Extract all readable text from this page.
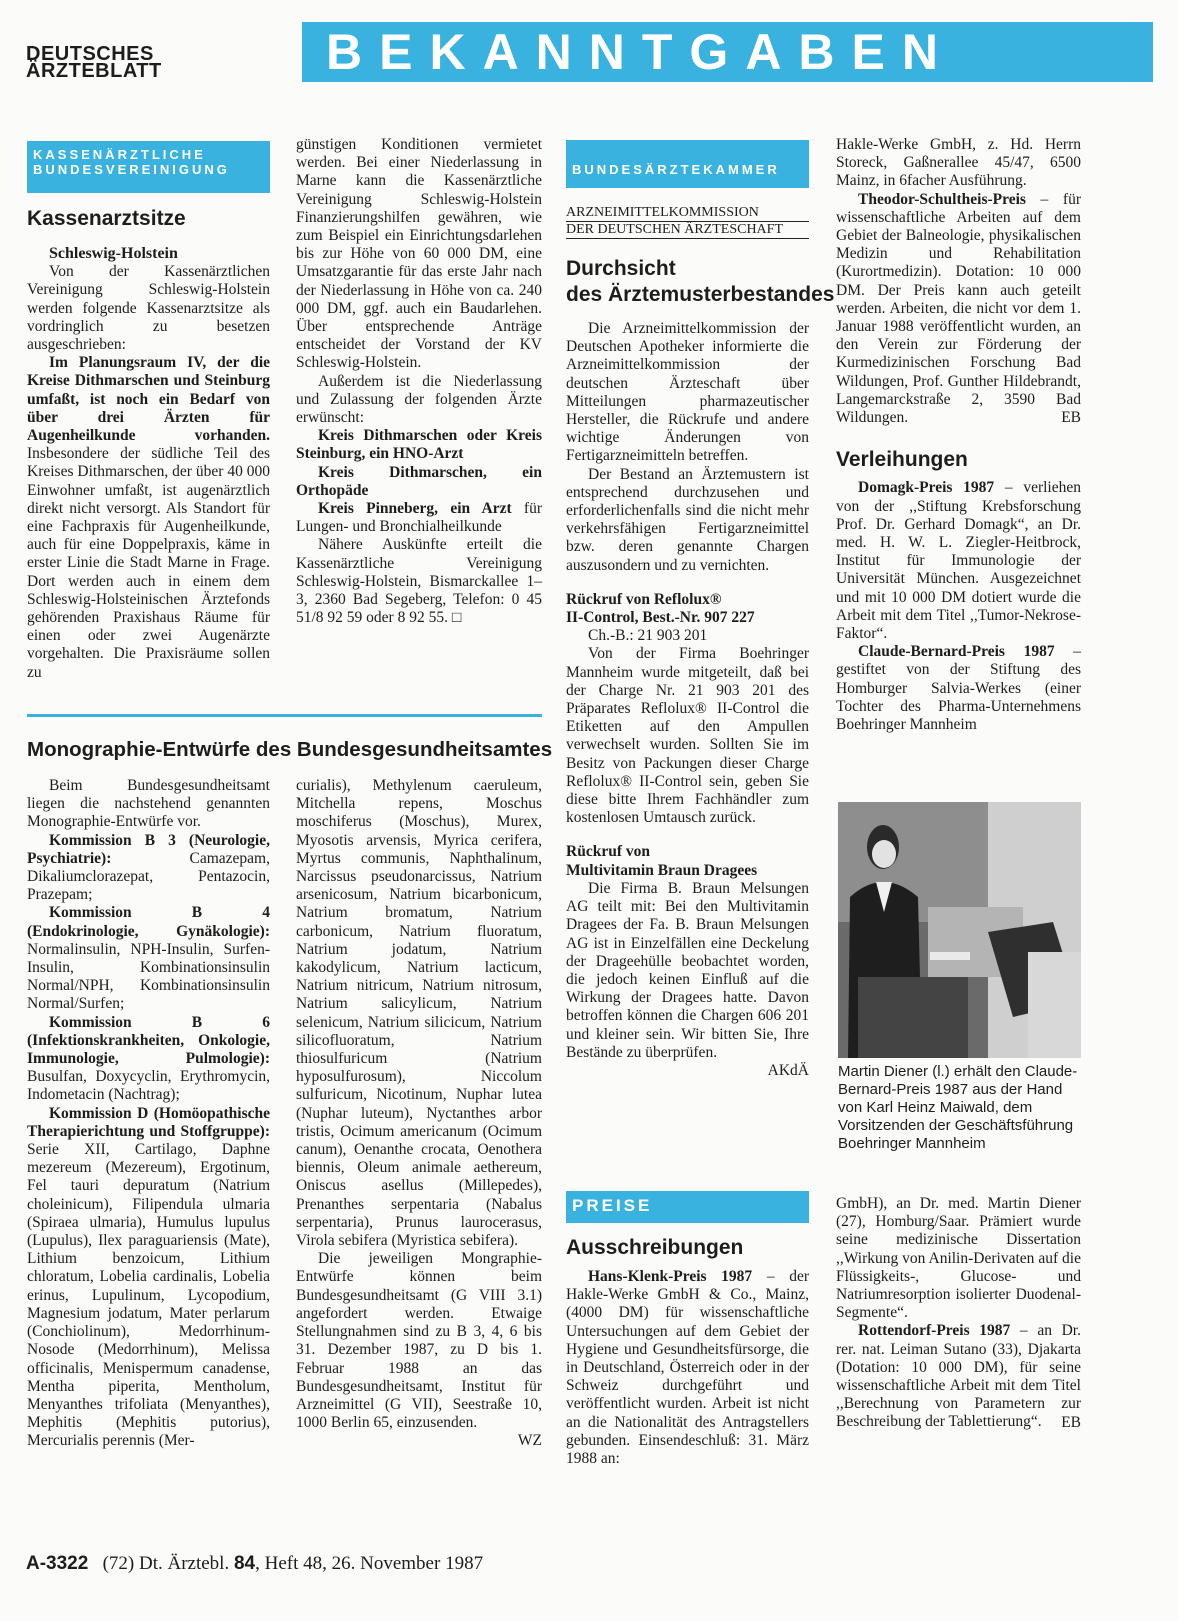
DEUTSCHES
ÄRZTEBLATT	BEKANNTGABEN
KASSENÄRZTLICHE
BUNDESVEREINIGUNG
Kassenarztsitze

Schleswig-Holstein

Von der Kassenärztlichen Vereinigung Schleswig-Holstein werden folgende Kassenarztsitze als vordringlich zu besetzen ausgeschrieben:

Im Planungsraum IV, der die Kreise Dithmarschen und Steinburg umfaßt, ist noch ein Bedarf von über drei Ärzten für Augenheilkunde vorhanden. Insbesondere der südliche Teil des Kreises Dithmarschen, der über 40 000 Einwohner umfaßt, ist augenärztlich direkt nicht versorgt. Als Standort für eine Fachpraxis für Augenheilkunde, auch für eine Doppelpraxis, käme in erster Linie die Stadt Marne in Frage. Dort werden auch in einem dem Schleswig-Holsteinischen Ärztefonds gehörenden Praxishaus Räume für einen oder zwei Augenärzte vorgehalten. Die Praxisräume sollen zu

günstigen Konditionen vermietet werden. Bei einer Niederlassung in Marne kann die Kassenärztliche Vereinigung Schleswig-Holstein Finanzierungshilfen gewähren, wie zum Beispiel ein Einrichtungsdarlehen bis zur Höhe von 60 000 DM, eine Umsatzgarantie für das erste Jahr nach der Niederlassung in Höhe von ca. 240 000 DM, ggf. auch ein Baudarlehen. Über entsprechende Anträge entscheidet der Vorstand der KV Schleswig-Holstein.

Außerdem ist die Niederlassung und Zulassung der folgenden Ärzte erwünscht:

Kreis Dithmarschen oder Kreis Steinburg, ein HNO-Arzt

Kreis Dithmarschen, ein Orthopäde

Kreis Pinneberg, ein Arzt für Lungen- und Bronchialheilkunde

Nähere Auskünfte erteilt die Kassenärztliche Vereinigung Schleswig-Holstein, Bismarckallee 1–3, 2360 Bad Segeberg, Telefon: 0 45 51/8 92 59 oder 8 92 55. □

Monographie-Entwürfe des Bundesgesundheitsamtes

Beim Bundesgesundheitsamt liegen die nachstehend genannten Monographie-Entwürfe vor.

Kommission B 3 (Neurologie, Psychiatrie): Camazepam, Dikaliumclorazepat, Pentazocin, Prazepam;

Kommission B 4 (Endokrinologie, Gynäkologie): Normalinsulin, NPH-Insulin, Surfen-Insulin, Kombinationsinsulin Normal/NPH, Kombinationsinsulin Normal/Surfen;

Kommission B 6 (Infektionskrankheiten, Onkologie, Immunologie, Pulmologie): Busulfan, Doxycyclin, Erythromycin, Indometacin (Nachtrag);

Kommission D (Homöopathische Therapierichtung und Stoffgruppe): Serie XII, Cartilago, Daphne mezereum (Mezereum), Ergotinum, Fel tauri depuratum (Natrium choleinicum), Filipendula ulmaria (Spiraea ulmaria), Humulus lupulus (Lupulus), Ilex paraguariensis (Mate), Lithium benzoicum, Lithium chloratum, Lobelia cardinalis, Lobelia erinus, Lupulinum, Lycopodium, Magnesium jodatum, Mater perlarum (Conchiolinum), Medorrhinum-Nosode (Medorrhinum), Melissa officinalis, Menispermum canadense, Mentha piperita, Mentholum, Menyanthes trifoliata (Menyanthes), Mephitis (Mephitis putorius), Mercurialis perennis (Mer-

curialis), Methylenum caeruleum, Mitchella repens, Moschus moschiferus (Moschus), Murex, Myosotis arvensis, Myrica cerifera, Myrtus communis, Naphthalinum, Narcissus pseudonarcissus, Natrium arsenicosum, Natrium bicarbonicum, Natrium bromatum, Natrium carbonicum, Natrium fluoratum, Natrium jodatum, Natrium kakodylicum, Natrium lacticum, Natrium nitricum, Natrium nitrosum, Natrium salicylicum, Natrium selenicum, Natrium silicicum, Natrium silicofluoratum, Natrium thiosulfuricum (Natrium hyposulfurosum), Niccolum sulfuricum, Nicotinum, Nuphar lutea (Nuphar luteum), Nyctanthes arbor tristis, Ocimum americanum (Ocimum canum), Oenanthe crocata, Oenothera biennis, Oleum animale aethereum, Oniscus asellus (Millepedes), Prenanthes serpentaria (Nabalus serpentaria), Prunus laurocerasus, Virola sebifera (Myristica sebifera).

Die jeweiligen Mongraphie-Entwürfe können beim Bundesgesundheitsamt (G VIII 3.1) angefordert werden. Etwaige Stellungnahmen sind zu B 3, 4, 6 bis 31. Dezember 1987, zu D bis 1. Februar 1988 an das Bundesgesundheitsamt, Institut für Arzneimittel (G VII), Seestraße 10, 1000 Berlin 65, einzusenden.

WZ

BUNDESÄRZTEKAMMER
ARZNEIMITTELKOMMISSION
DER DEUTSCHEN ÄRZTESCHAFT
Durchsicht
des Ärztemusterbestandes

Die Arzneimittelkommission der Deutschen Apotheker informierte die Arzneimittelkommission der deutschen Ärzteschaft über Mitteilungen pharmazeutischer Hersteller, die Rückrufe und andere wichtige Änderungen von Fertigarzneimitteln betreffen.

Der Bestand an Ärztemustern ist entsprechend durchzusehen und erforderlichenfalls sind die nicht mehr verkehrsfähigen Fertigarzneimittel bzw. deren genannte Chargen auszusondern und zu vernichten.

Rückruf von Reflolux®

II-Control, Best.-Nr. 907 227

Ch.-B.: 21 903 201

Von der Firma Boehringer Mannheim wurde mitgeteilt, daß bei der Charge Nr. 21 903 201 des Präparates Reflolux® II-Control die Etiketten auf den Ampullen verwechselt wurden. Sollten Sie im Besitz von Packungen dieser Charge Reflolux® II-Control sein, geben Sie diese bitte Ihrem Fachhändler zum kostenlosen Umtausch zurück.

Rückruf von

Multivitamin Braun Dragees

Die Firma B. Braun Melsungen AG teilt mit: Bei den Multivitamin Dragees der Fa. B. Braun Melsungen AG ist in Einzelfällen eine Deckelung der Drageehülle beobachtet worden, die jedoch keinen Einfluß auf die Wirkung der Dragees hatte. Davon betroffen können die Chargen 606 201 und kleiner sein. Wir bitten Sie, Ihre Bestände zu überprüfen.

AKdÄ

PREISE
Ausschreibungen

Hans-Klenk-Preis 1987 – der Hakle-Werke GmbH & Co., Mainz, (4000 DM) für wissenschaftliche Untersuchungen auf dem Gebiet der Hygiene und Gesundheitsfürsorge, die in Deutschland, Österreich oder in der Schweiz durchgeführt und veröffentlicht wurden. Arbeit ist nicht an die Nationalität des Antragstellers gebunden. Einsendeschluß: 31. März 1988 an:

Hakle-Werke GmbH, z. Hd. Herrn Storeck, Gaßnerallee 45/47, 6500 Mainz, in 6facher Ausführung.

Theodor-Schultheis-Preis – für wissenschaftliche Arbeiten auf dem Gebiet der Balneologie, physikalischen Medizin und Rehabilitation (Kurortmedizin). Dotation: 10 000 DM. Der Preis kann auch geteilt werden. Arbeiten, die nicht vor dem 1. Januar 1988 veröffentlicht wurden, an den Verein zur Förderung der Kurmedizinischen Forschung Bad Wildungen, Prof. Gunther Hildebrandt, Langemarckstraße 2, 3590 Bad Wildungen.	EB

Verleihungen

Domagk-Preis 1987 – verliehen von der ,,Stiftung Krebsforschung Prof. Dr. Gerhard Domagk“, an Dr. med. H. W. L. Ziegler-Heitbrock, Institut für Immunologie der Universität München. Ausgezeichnet und mit 10 000 DM dotiert wurde die Arbeit mit dem Titel ,,Tumor-Nekrose-Faktor“.

Claude-Bernard-Preis 1987 – gestiftet von der Stiftung des Homburger Salvia-Werkes (einer Tochter des Pharma-Unternehmens Boehringer Mannheim

Martin Diener (l.) erhält den Claude-Bernard-Preis 1987 aus der Hand von Karl Heinz Maiwald, dem Vorsitzenden der Geschäftsführung Boehringer Mannheim

GmbH), an Dr. med. Martin Diener (27), Homburg/Saar. Prämiert wurde seine medizinische Dissertation ,,Wirkung von Anilin-Derivaten auf die Flüssigkeits-, Glucose- und Natriumresorption isolierter Duodenal-Segmente“.

Rottendorf-Preis 1987 – an Dr. rer. nat. Leiman Sutano (33), Djakarta (Dotation: 10 000 DM), für seine wissenschaftliche Arbeit mit dem Titel ,,Berechnung von Parametern zur Beschreibung der Tablettierung“.	EB

A-3322 (72) Dt. Ärztebl. 84, Heft 48, 26. November 1987
